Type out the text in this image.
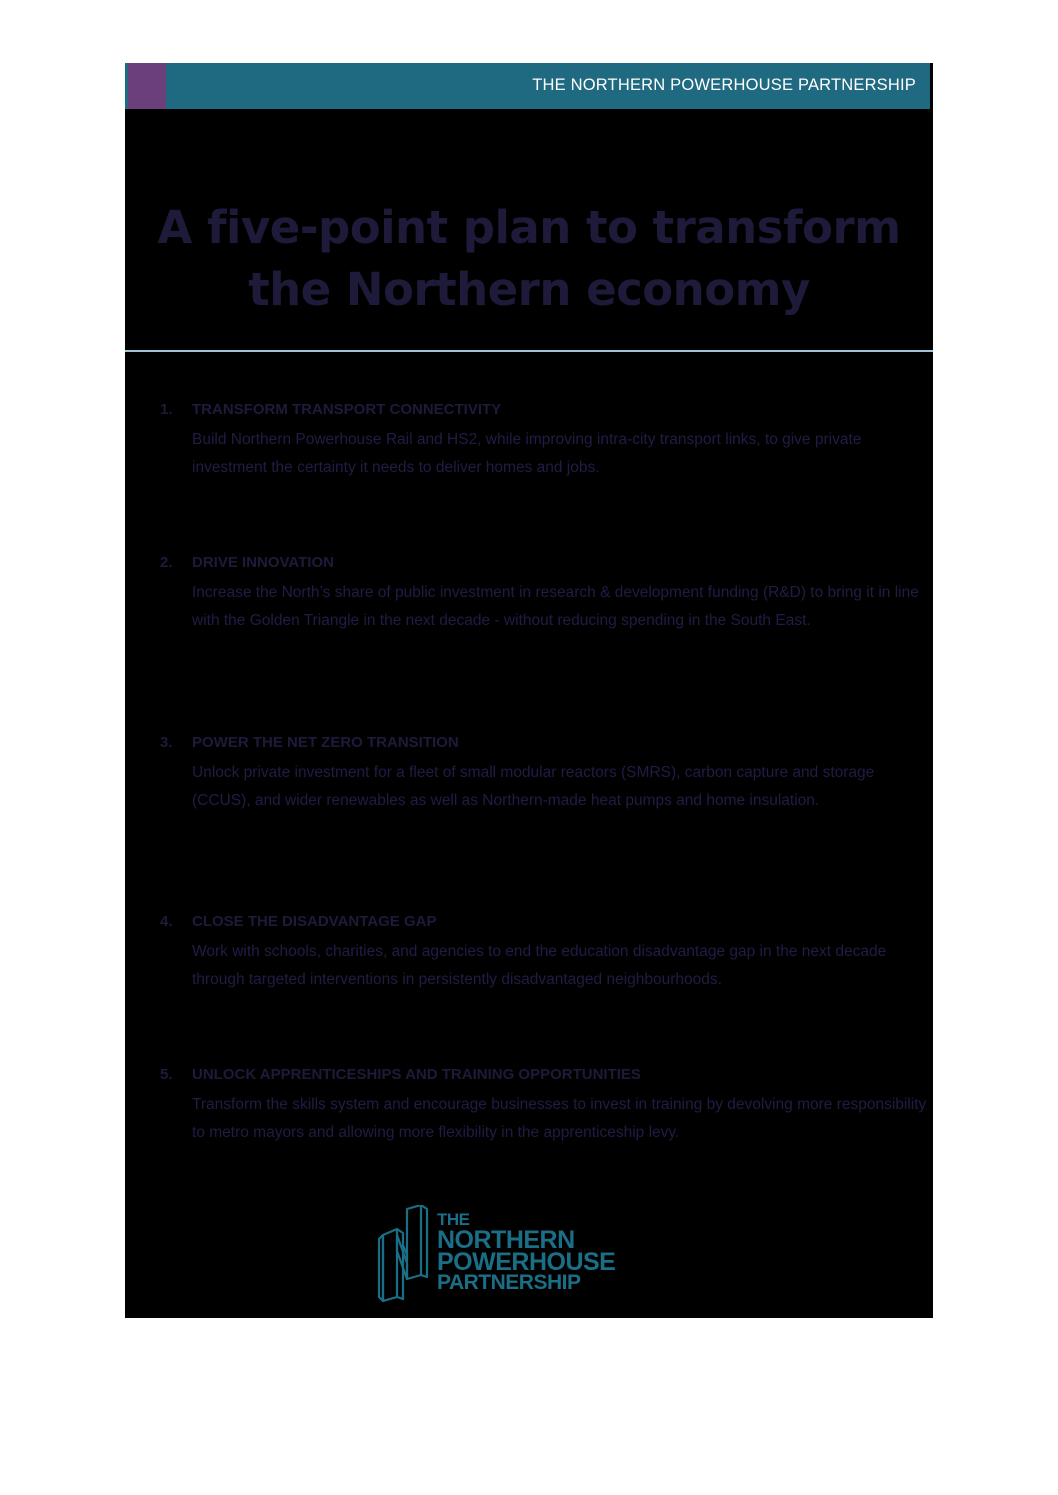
THE NORTHERN POWERHOUSE PARTNERSHIP
A five-point plan to transform
the Northern economy
1. TRANSFORM TRANSPORT CONNECTIVITY
Build Northern Powerhouse Rail and HS2, while improving intra-city transport links, to give private investment the certainty it needs to deliver homes and jobs.
2. DRIVE INNOVATION
Increase the North’s share of public investment in research & development funding (R&D) to bring it in line with the Golden Triangle in the next decade - without reducing spending in the South East.
3. POWER THE NET ZERO TRANSITION
Unlock private investment for a fleet of small modular reactors (SMRS), carbon capture and storage (CCUS), and wider renewables as well as Northern-made heat pumps and home insulation.
4. CLOSE THE DISADVANTAGE GAP
Work with schools, charities, and agencies to end the education disadvantage gap in the next decade through targeted interventions in persistently disadvantaged neighbourhoods.
5. UNLOCK APPRENTICESHIPS AND TRAINING OPPORTUNITIES
Transform the skills system and encourage businesses to invest in training by devolving more responsibility to metro mayors and allowing more flexibility in the apprenticeship levy.
THE
NORTHERN
POWERHOUSE
PARTNERSHIP
